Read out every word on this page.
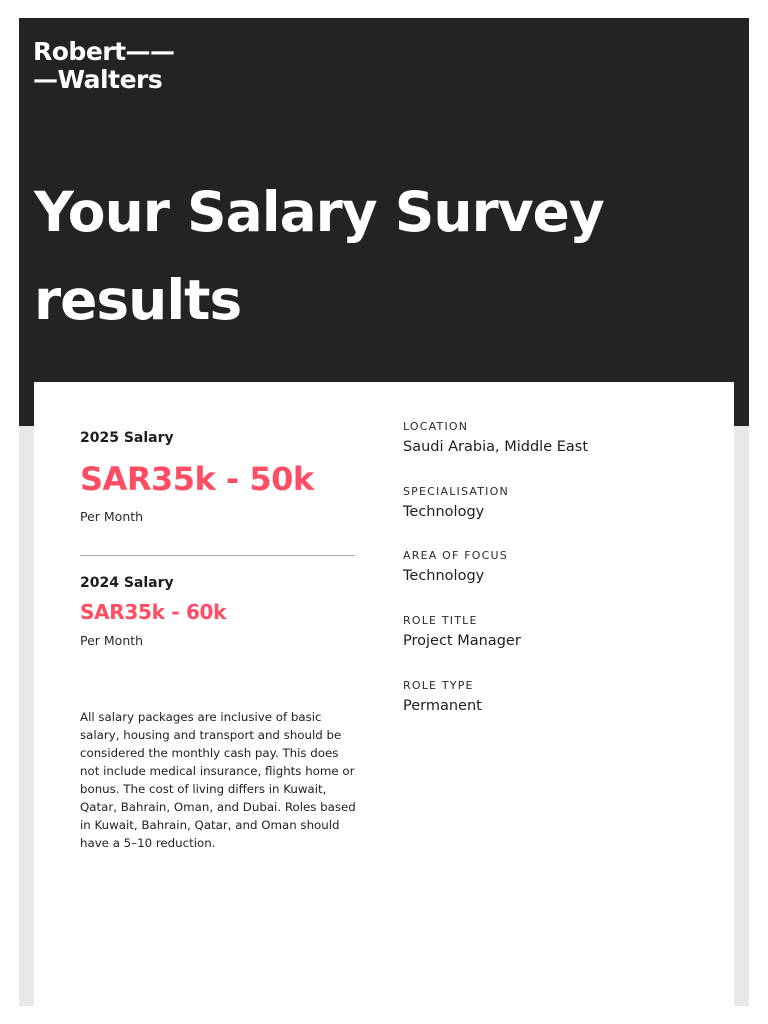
Robert——
—Walters
Your Salary Survey results
2025 Salary
SAR35k - 50k
Per Month
2024 Salary
SAR35k - 60k
Per Month

All salary packages are inclusive of basic salary, housing and transport and should be considered the monthly cash pay. This does not include medical insurance, flights home or bonus. The cost of living differs in Kuwait, Qatar, Bahrain, Oman, and Dubai. Roles based in Kuwait, Bahrain, Qatar, and Oman should have a 5–10 reduction.

LOCATION
Saudi Arabia, Middle East
SPECIALISATION
Technology
AREA OF FOCUS
Technology
ROLE TITLE
Project Manager
ROLE TYPE
Permanent
